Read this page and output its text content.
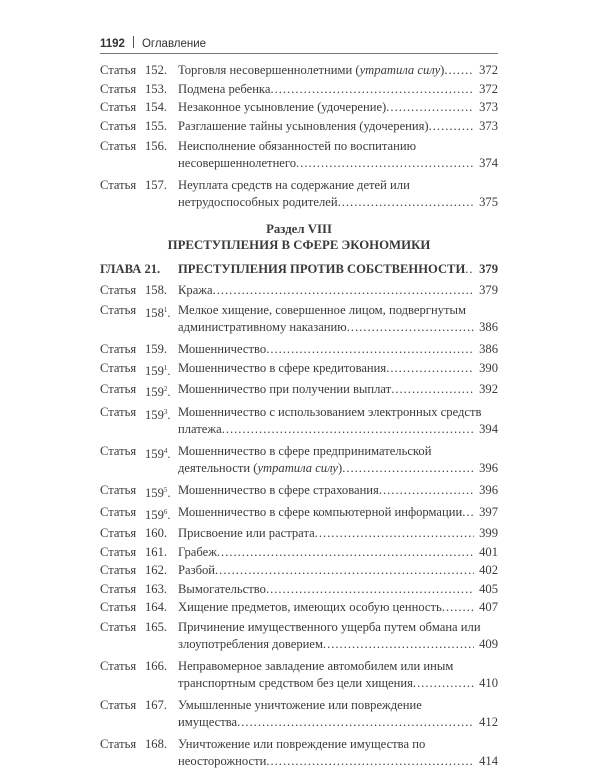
1192 Оглавление
Статья 152. Торговля несовершеннолетними (утратила силу) .....	372
Статья 153. Подмена ребенка .....	372
Статья 154. Незаконное усыновление (удочерение) .....	373
Статья 155. Разглашение тайны усыновления (удочерения) .....	373
Статья 156. Неисполнение обязанностей по воспитанию
несовершеннолетнего .....	374
Статья 157. Неуплата средств на содержание детей или
нетрудоспособных родителей .....	375
Раздел VIII
ПРЕСТУПЛЕНИЯ В СФЕРЕ ЭКОНОМИКИ
ГЛАВА 21.	ПРЕСТУПЛЕНИЯ ПРОТИВ СОБСТВЕННОСТИ .....	379
Статья 158. Кража .....	379
Статья $158^1$. Мелкое хищение, совершенное лицом, подвергнутым
административному наказанию .....	386
Статья 159. Мошенничество .....	386
Статья $159^1$. Мошенничество в сфере кредитования .....	390
Статья $159^2$. Мошенничество при получении выплат .....	392
Статья $159^3$. Мошенничество с использованием электронных средств
платежа .....	394
Статья $159^4$. Мошенничество в сфере предпринимательской
деятельности (утратила силу) .....	396
Статья $159^5$. Мошенничество в сфере страхования .....	396
Статья $159^6$. Мошенничество в сфере компьютерной информации .....	397
Статья 160. Присвоение или растрата .....	399
Статья 161. Грабеж .....	401
Статья 162. Разбой .....	402
Статья 163. Вымогательство .....	405
Статья 164. Хищение предметов, имеющих особую ценность .....	407
Статья 165. Причинение имущественного ущерба путем обмана или
злоупотребления доверием .....	409
Статья 166. Неправомерное завладение автомобилем или иным
транспортным средством без цели хищения .....	410
Статья 167. Умышленные уничтожение или повреждение
имущества .....	412
Статья 168. Уничтожение или повреждение имущества по
неосторожности .....	414
